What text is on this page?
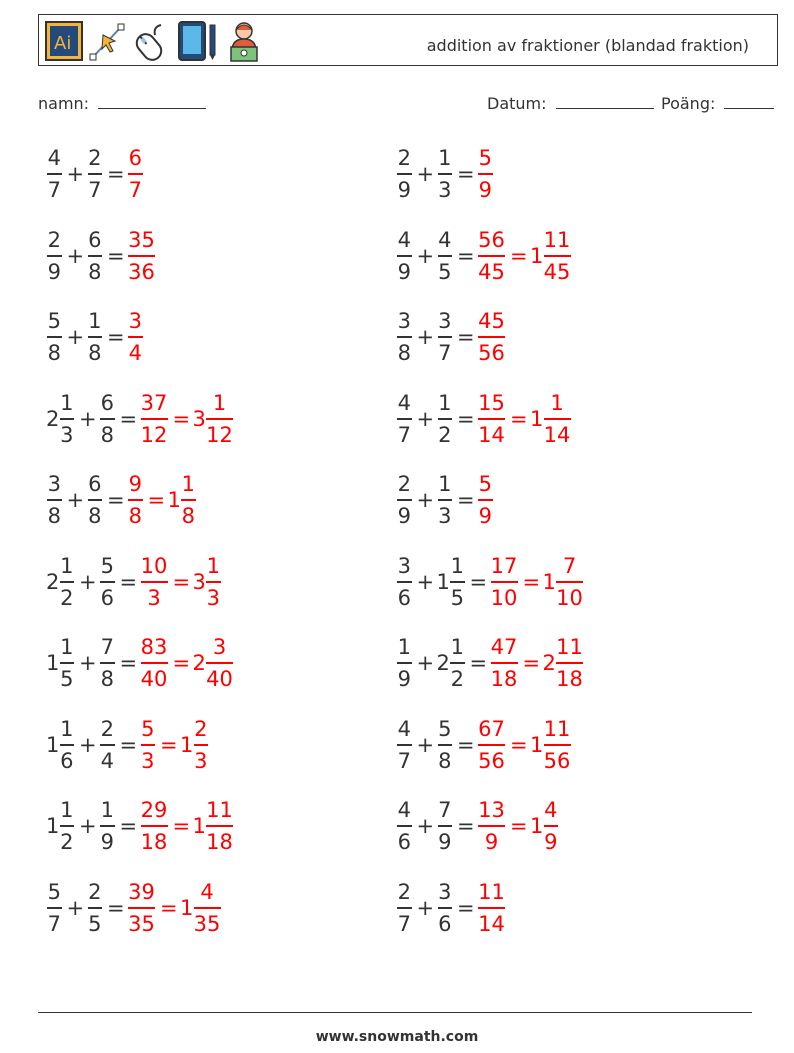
Ai	addition av fraktioner (blandad fraktion)
namn:	Datum:	Poäng:
4
7
+
2
7
=
6
7
2
9
+
1
3
=
5
9
2
9
+
6
8
=
35
36
4
9
+
4
5
=
56
45
= 1
11
45
5
8
+
1
8
=
3
4
3
8
+
3
7
=
45
56
2
1
3
+
6
8
=
37
12
= 3
1
12
4
7
+
1
2
=
15
14
= 1
1
14
3
8
+
6
8
=
9
8
= 1
1
8
2
9
+
1
3
=
5
9
2
1
2
+
5
6
=
10
3
= 3
1
3
3
6
+ 1
1
5
=
17
10
= 1
7
10
1
1
5
+
7
8
=
83
40
= 2
3
40
1
9
+ 2
1
2
=
47
18
= 2
11
18
1
1
6
+
2
4
=
5
3
= 1
2
3
4
7
+
5
8
=
67
56
= 1
11
56
1
1
2
+
1
9
=
29
18
= 1
11
18
4
6
+
7
9
=
13
9
= 1
4
9
5
7
+
2
5
=
39
35
= 1
4
35
2
7
+
3
6
=
11
14
www.snowmath.com
